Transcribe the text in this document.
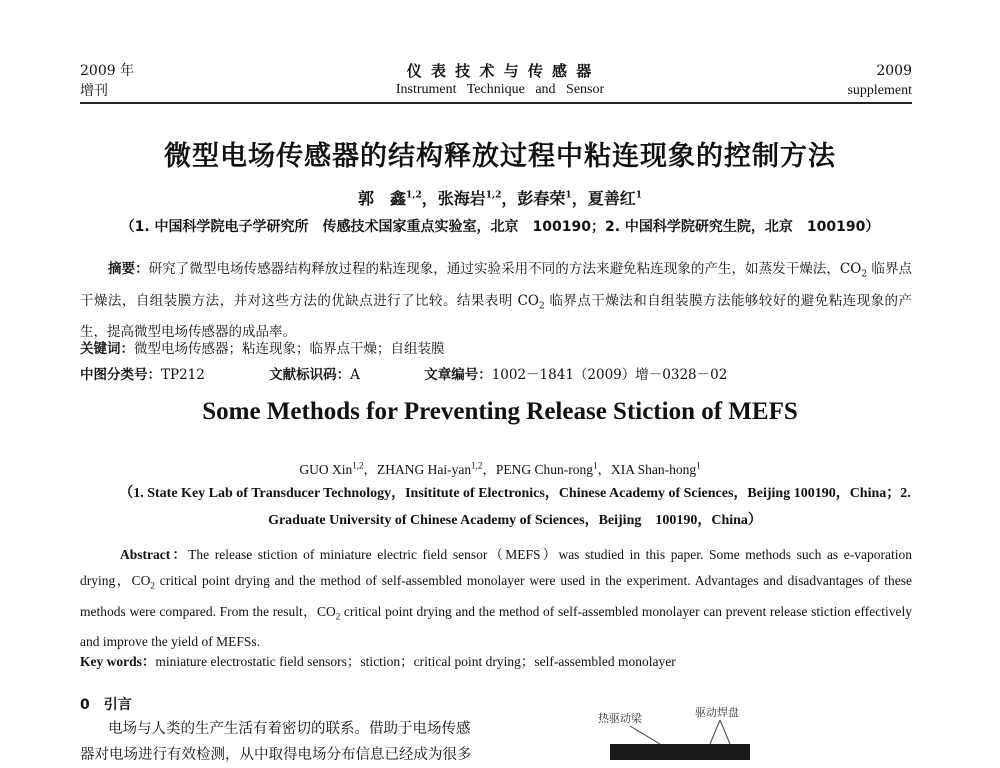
2009 年
增刊
仪 表 技 术 与 传 感 器
Instrument   Technique   and   Sensor
2009
supplement
微型电场传感器的结构释放过程中粘连现象的控制方法
郭　鑫$^{1,2}$，张海岩$^{1,2}$，彭春荣$^1$，夏善红$^1$
（1. 中国科学院电子学研究所　传感技术国家重点实验室，北京　100190；2. 中国科学院研究生院，北京　100190）
摘要：研究了微型电场传感器结构释放过程的粘连现象，通过实验采用不同的方法来避免粘连现象的产生，如蒸发干燥法，$CO_2$ 临界点干燥法，自组装膜方法，并对这些方法的优缺点进行了比较。结果表明 $CO_2$ 临界点干燥法和自组装膜方法能够较好的避免粘连现象的产生，提高微型电场传感器的成品率。
关键词：微型电场传感器；粘连现象；临界点干燥；自组装膜
中图分类号：TP212	文献标识码：A	文章编号：1002－1841（2009）增－0328－02
Some Methods for Preventing Release Stiction of MEFS
GUO Xin$^{1,2}$，ZHANG Hai-yan$^{1,2}$，PENG Chun-rong$^1$，XIA Shan-hong$^1$
（1. State Key Lab of Transducer Technology，Insititute of Electronics，Chinese Academy of Sciences，Beijing 100190，China；2. Graduate University of Chinese Academy of Sciences，Beijing　100190，China）
Abstract：The release stiction of miniature electric field sensor（MEFS）was studied in this paper. Some methods such as e-vaporation drying，$CO_2$ critical point drying and the method of self-assembled monolayer were used in the experiment. Advantages and disadvantages of these methods were compared. From the result，$CO_2$ critical point drying and the method of self-assembled monolayer can prevent release stiction effectively and improve the yield of MEFSs.
Key words：miniature electrostatic field sensors；stiction；critical point drying；self-assembled monolayer
0 引言
电场与人类的生产生活有着密切的联系。借助于电场传感
器对电场进行有效检测，从中取得电场分布信息已经成为很多
热驱动梁	驱动焊盘
